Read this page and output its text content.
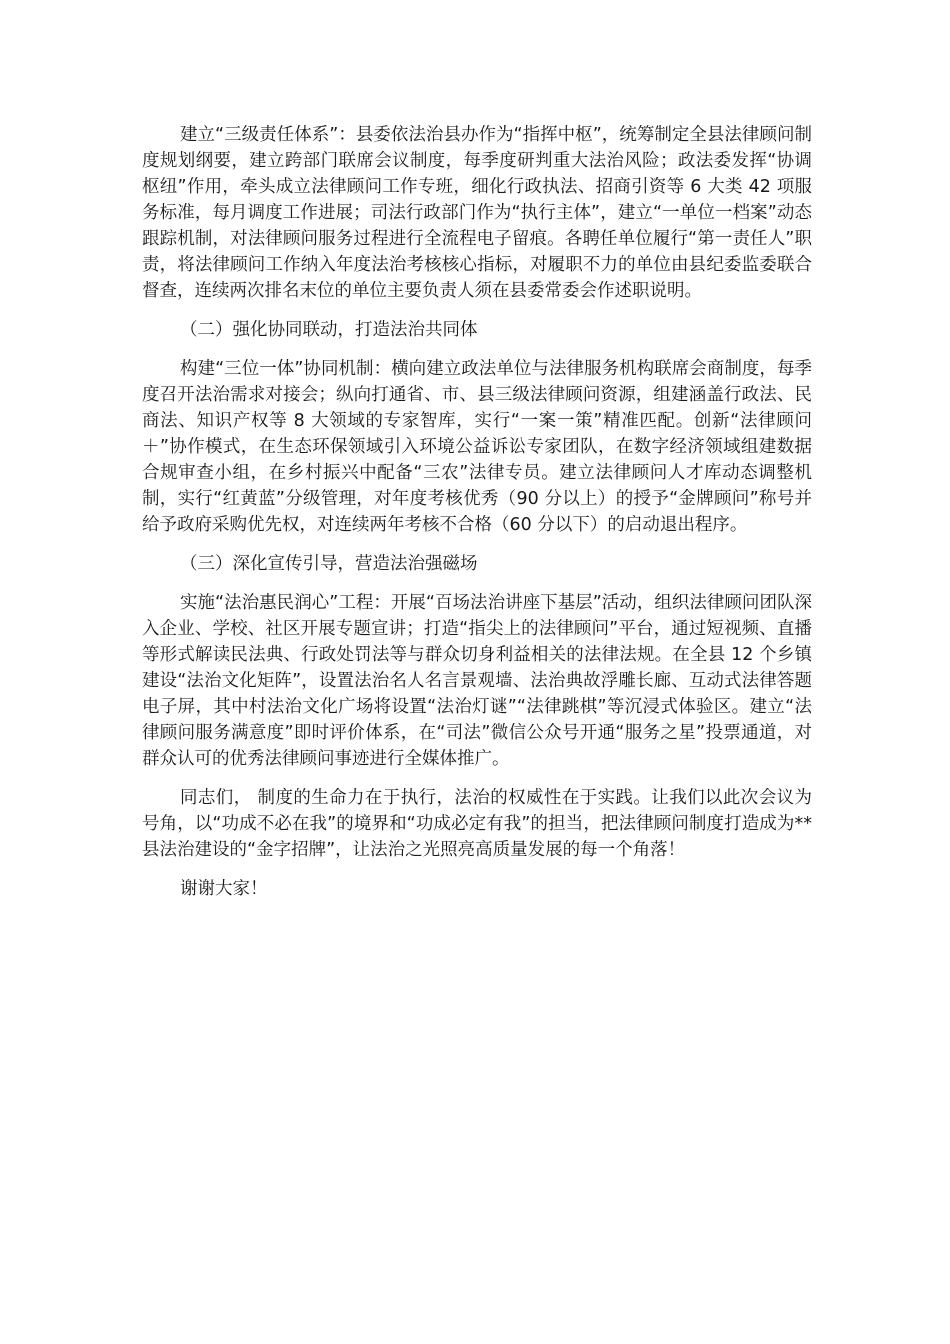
建立“三级责任体系”：县委依法治县办作为“指挥中枢”，统筹制定全县法律顾问制度规划纲要，建立跨部门联席会议制度，每季度研判重大法治风险；政法委发挥“协调枢纽”作用，牵头成立法律顾问工作专班，细化行政执法、招商引资等 6 大类 42 项服务标准，每月调度工作进展；司法行政部门作为“执行主体”，建立“一单位一档案”动态跟踪机制，对法律顾问服务过程进行全流程电子留痕。各聘任单位履行“第一责任人”职责，将法律顾问工作纳入年度法治考核核心指标，对履职不力的单位由县纪委监委联合督查，连续两次排名末位的单位主要负责人须在县委常委会作述职说明。

（二）强化协同联动，打造法治共同体

构建“三位一体”协同机制：横向建立政法单位与法律服务机构联席会商制度，每季度召开法治需求对接会；纵向打通省、市、县三级法律顾问资源，组建涵盖行政法、民商法、知识产权等 8 大领域的专家智库，实行“一案一策”精准匹配。创新“法律顾问＋”协作模式，在生态环保领域引入环境公益诉讼专家团队，在数字经济领域组建数据合规审查小组，在乡村振兴中配备“三农”法律专员。建立法律顾问人才库动态调整机制，实行“红黄蓝”分级管理，对年度考核优秀（90 分以上）的授予“金牌顾问”称号并给予政府采购优先权，对连续两年考核不合格（60 分以下）的启动退出程序。

（三）深化宣传引导，营造法治强磁场

实施“法治惠民润心”工程：开展“百场法治讲座下基层”活动，组织法律顾问团队深入企业、学校、社区开展专题宣讲；打造“指尖上的法律顾问”平台，通过短视频、直播等形式解读民法典、行政处罚法等与群众切身利益相关的法律法规。在全县 12 个乡镇建设“法治文化矩阵”，设置法治名人名言景观墙、法治典故浮雕长廊、互动式法律答题电子屏，其中村法治文化广场将设置“法治灯谜”“法律跳棋”等沉浸式体验区。建立“法律顾问服务满意度”即时评价体系，在“司法”微信公众号开通“服务之星”投票通道，对群众认可的优秀法律顾问事迹进行全媒体推广。

同志们， 制度的生命力在于执行，法治的权威性在于实践。让我们以此次会议为号角，以“功成不必在我”的境界和“功成必定有我”的担当，把法律顾问制度打造成为**县法治建设的“金字招牌”，让法治之光照亮高质量发展的每一个角落！

谢谢大家！
